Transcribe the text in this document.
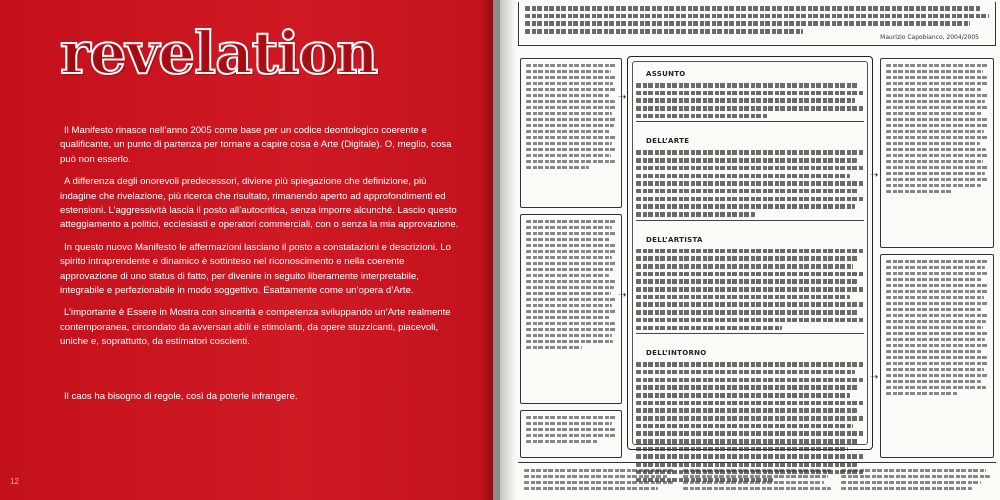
revelation

Il Manifesto rinasce nell’anno 2005 come base per un codice deontologico coerente e qualificante, un punto di partenza per tornare a capire cosa è Arte (Digitale). O, meglio, cosa può non esserlo.

A differenza degli onorevoli predecessori, diviene più spiegazione che definizione, più indagine che rivelazione, più ricerca che risultato, rimanendo aperto ad approfondimenti ed estensioni. L’aggressività lascia il posto all’autocritica, senza imporre alcunché. Lascio questo atteggiamento a politici, ecclesiasti e operatori commerciali, con o senza la mia approvazione.

In questo nuovo Manifesto le affermazioni lasciano il posto a constatazioni e descrizioni. Lo spirito intraprendente e dinamico è sottinteso nel riconoscimento e nella coerente approvazione di uno status di fatto, per divenire in seguito liberamente interpretabile, integrabile e perfezionabile in modo soggettivo. Esattamente come un’opera d’Arte.

L’importante è Essere in Mostra con sincerità e competenza sviluppando un’Arte realmente contemporanea, circondato da avversari abili e stimolanti, da opere stuzzicanti, piacevoli, uniche e, soprattutto, da estimatori coscienti.

Il caos ha bisogno di regole, così da poterle infrangere.

12
Maurizio Capobianco, 2004/2005
ASSUNTO
DELL’ARTE
DELL’ARTISTA
DELL’INTORNO
➝
➝
➝
➝
